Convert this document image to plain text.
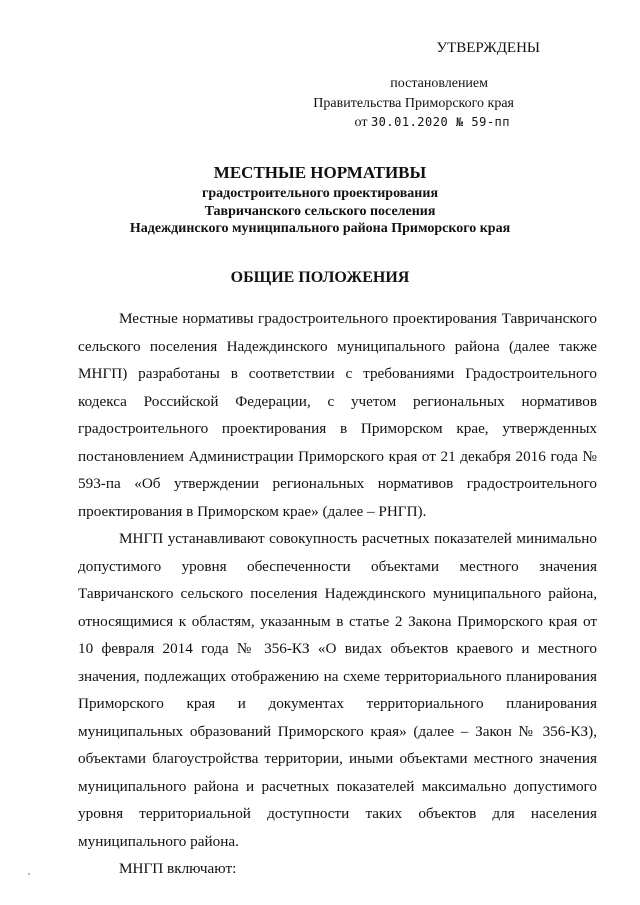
УТВЕРЖДЕНЫ
постановлением
Правительства Приморского края
от 30.01.2020 № 59-пп
МЕСТНЫЕ НОРМАТИВЫ
градостроительного проектирования
Тавричанского сельского поселения
Надеждинского муниципального района Приморского края
ОБЩИЕ ПОЛОЖЕНИЯ

Местные нормативы градостроительного проектирования Тавричанского сельского поселения Надеждинского муниципального района (далее также МНГП) разработаны в соответствии с требованиями Градостроительного кодекса Российской Федерации, с учетом региональных нормативов градостроительного проектирования в Приморском крае, утвержденных постановлением Администрации Приморского края от 21 декабря 2016 года № 593-па «Об утверждении региональных нормативов градостроительного проектирования в Приморском крае» (далее – РНГП).

МНГП устанавливают совокупность расчетных показателей минимально допустимого уровня обеспеченности объектами местного значения Тавричанского сельского поселения Надеждинского муниципального района, относящимися к областям, указанным в статье 2 Закона Приморского края от 10 февраля 2014 года № 356-КЗ «О видах объектов краевого и местного значения, подлежащих отображению на схеме территориального планирования Приморского края и документах территориального планирования муниципальных образований Приморского края» (далее – Закон № 356-КЗ), объектами благоустройства территории, иными объектами местного значения муниципального района и расчетных показателей максимально допустимого уровня территориальной доступности таких объектов для населения муниципального района.

МНГП включают:
